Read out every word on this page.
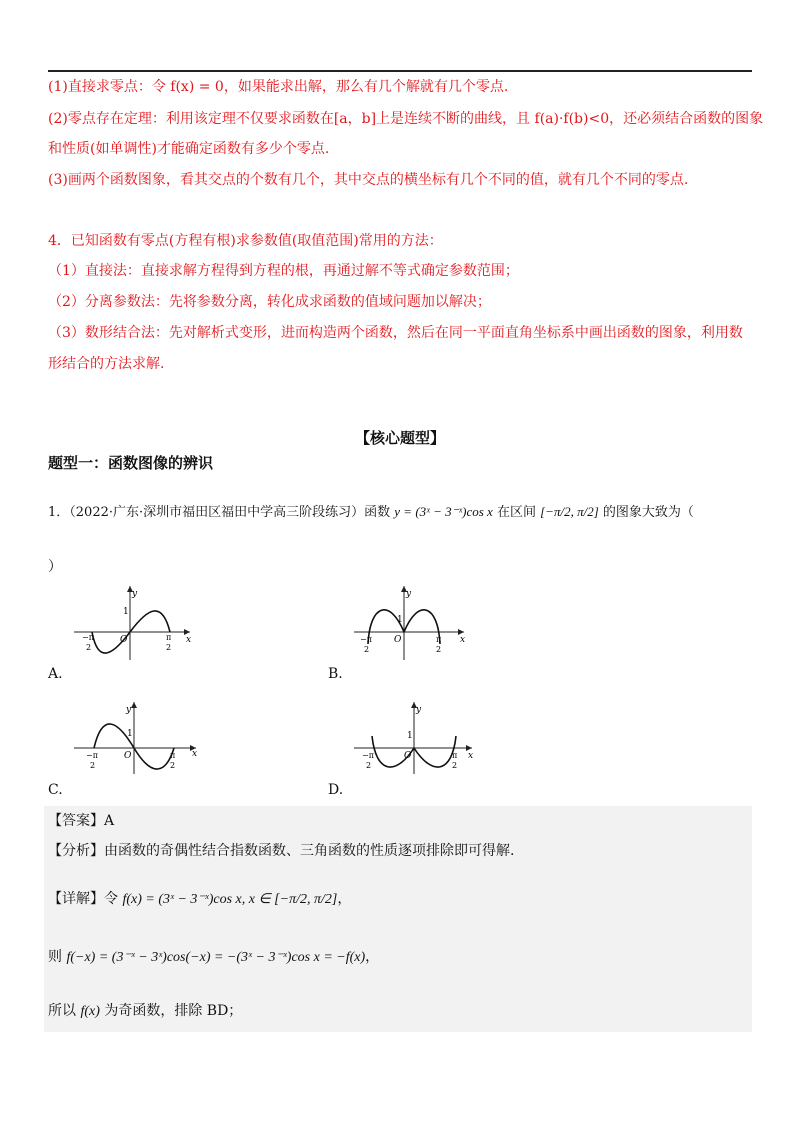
(1)直接求零点：令 f(x) = 0，如果能求出解，那么有几个解就有几个零点.
(2)零点存在定理：利用该定理不仅要求函数在[a，b]上是连续不断的曲线，且 f(a)·f(b)<0，还必须结合函数的图象
和性质(如单调性)才能确定函数有多少个零点.
(3)画两个函数图象，看其交点的个数有几个，其中交点的横坐标有几个不同的值，就有几个不同的零点.
4．已知函数有零点(方程有根)求参数值(取值范围)常用的方法：
（1）直接法：直接求解方程得到方程的根，再通过解不等式确定参数范围；
（2）分离参数法：先将参数分离，转化成求函数的值域问题加以解决；
（3）数形结合法：先对解析式变形，进而构造两个函数，然后在同一平面直角坐标系中画出函数的图象，利用数
形结合的方法求解.
【核心题型】
题型一：函数图像的辨识
1．（2022·广东·深圳市福田区福田中学高三阶段练习）函数 y = (3ˣ − 3⁻ˣ)cos x 在区间 [−π/2, π/2] 的图象大致为（
）
y
x
O
1
−π
2
π
2
A.
y
x
O
1
−π
2
π
2
B.
y
x
O
1
−π
2
π
2
C.
y
x
O
1
−π
2
π
2
D.
【答案】A
【分析】由函数的奇偶性结合指数函数、三角函数的性质逐项排除即可得解.
【详解】令 f(x) = (3ˣ − 3⁻ˣ)cos x, x ∈ [−π/2, π/2]，
则 f(−x) = (3⁻ˣ − 3ˣ)cos(−x) = −(3ˣ − 3⁻ˣ)cos x = −f(x)，
所以 f(x) 为奇函数，排除 BD；
